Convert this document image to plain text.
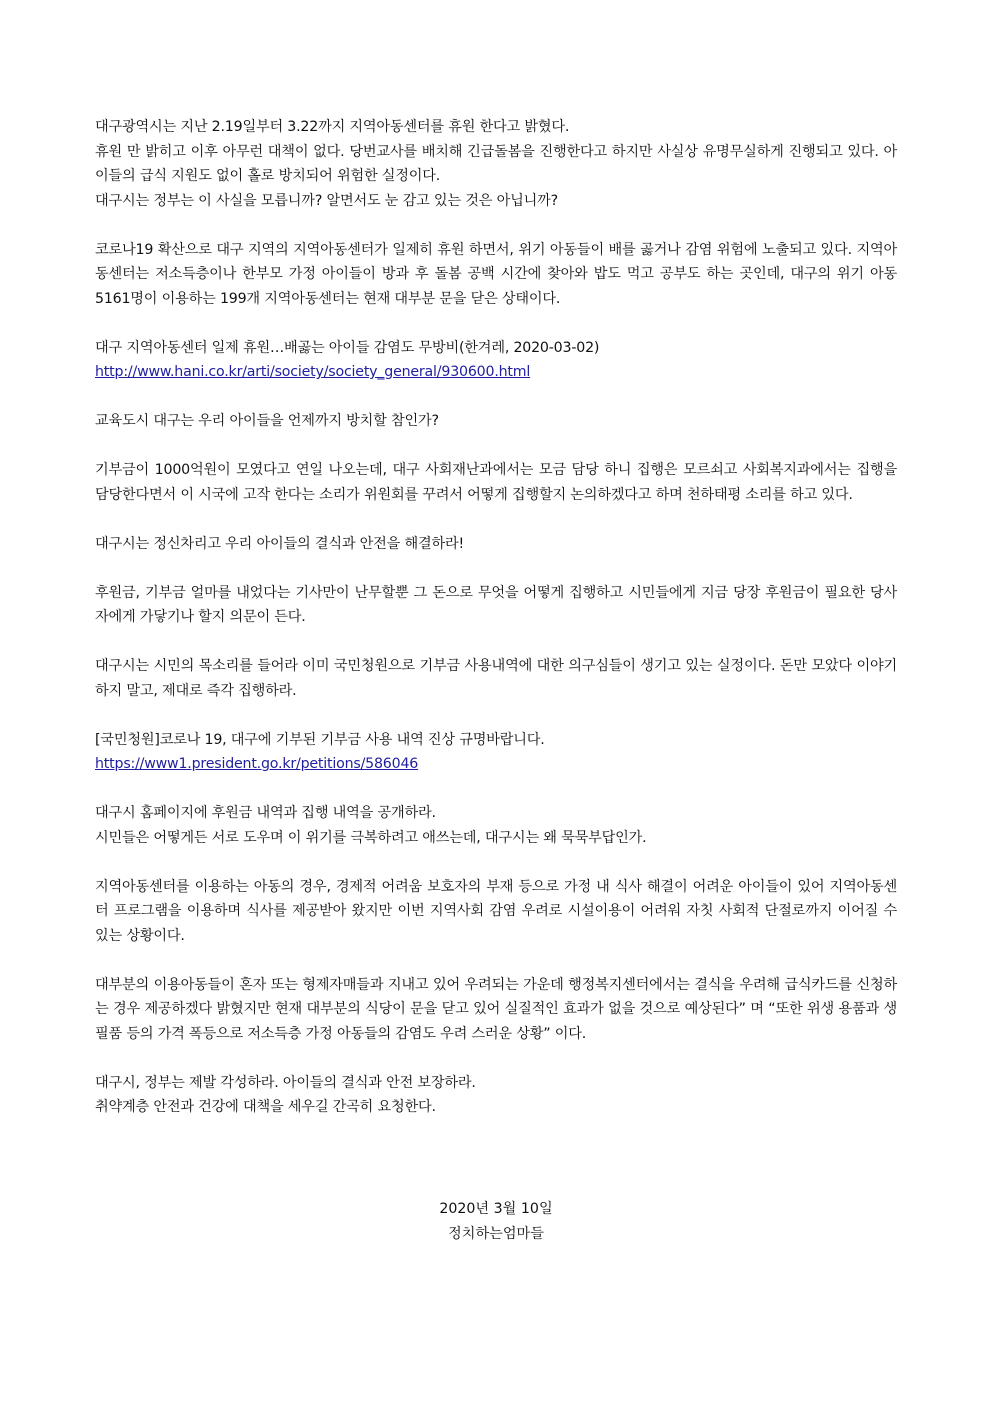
대구광역시는 지난 2.19일부터 3.22까지 지역아동센터를 휴원 한다고 밝혔다.
휴원 만 밝히고 이후 아무런 대책이 없다. 당번교사를 배치해 긴급돌봄을 진행한다고 하지만 사실상 유명무실하게 진행되고 있다. 아이들의 급식 지원도 없이 홀로 방치되어 위험한 실정이다.
대구시는 정부는 이 사실을 모릅니까? 알면서도 눈 감고 있는 것은 아닙니까?
코로나19 확산으로 대구 지역의 지역아동센터가 일제히 휴원 하면서, 위기 아동들이 배를 곯거나 감염 위험에 노출되고 있다. 지역아동센터는 저소득층이나 한부모 가정 아이들이 방과 후 돌봄 공백 시간에 찾아와 밥도 먹고 공부도 하는 곳인데, 대구의 위기 아동 5161명이 이용하는 199개 지역아동센터는 현재 대부분 문을 닫은 상태이다.
대구 지역아동센터 일제 휴원…배곯는 아이들 감염도 무방비(한겨레, 2020-03-02)
http://www.hani.co.kr/arti/society/society_general/930600.html
교육도시 대구는 우리 아이들을 언제까지 방치할 참인가?
기부금이 1000억원이 모였다고 연일 나오는데, 대구 사회재난과에서는 모금 담당 하니 집행은 모르쇠고 사회복지과에서는 집행을 담당한다면서 이 시국에 고작 한다는 소리가 위원회를 꾸려서 어떻게 집행할지 논의하겠다고 하며 천하태평 소리를 하고 있다.
대구시는 정신차리고 우리 아이들의 결식과 안전을 해결하라!
후원금, 기부금 얼마를 내었다는 기사만이 난무할뿐 그 돈으로 무엇을 어떻게 집행하고 시민들에게 지금 당장 후원금이 필요한 당사자에게 가닿기나 할지 의문이 든다.
대구시는 시민의 목소리를 들어라 이미 국민청원으로 기부금 사용내역에 대한 의구심들이 생기고 있는 실정이다. 돈만 모았다 이야기 하지 말고, 제대로 즉각 집행하라.
[국민청원]코로나 19, 대구에 기부된 기부금 사용 내역 진상 규명바랍니다.
https://www1.president.go.kr/petitions/586046
대구시 홈페이지에 후원금 내역과 집행 내역을 공개하라.
시민들은 어떻게든 서로 도우며 이 위기를 극복하려고 애쓰는데, 대구시는 왜 묵묵부답인가.
지역아동센터를 이용하는 아동의 경우, 경제적 어려움 보호자의 부재 등으로 가정 내 식사 해결이 어려운 아이들이 있어 지역아동센터 프로그램을 이용하며 식사를 제공받아 왔지만 이번 지역사회 감염 우려로 시설이용이 어려워 자칫 사회적 단절로까지 이어질 수 있는 상황이다.
대부분의 이용아동들이 혼자 또는 형제자매들과 지내고 있어 우려되는 가운데 행정복지센터에서는 결식을 우려해 급식카드를 신청하는 경우 제공하겠다 밝혔지만 현재 대부분의 식당이 문을 닫고 있어 실질적인 효과가 없을 것으로 예상된다” 며 “또한 위생 용품과 생필품 등의 가격 폭등으로 저소득층 가정 아동들의 감염도 우려 스러운 상황” 이다.
대구시, 정부는 제발 각성하라. 아이들의 결식과 안전 보장하라.
취약계층 안전과 건강에 대책을 세우길 간곡히 요청한다.
2020년 3월 10일
정치하는엄마들
